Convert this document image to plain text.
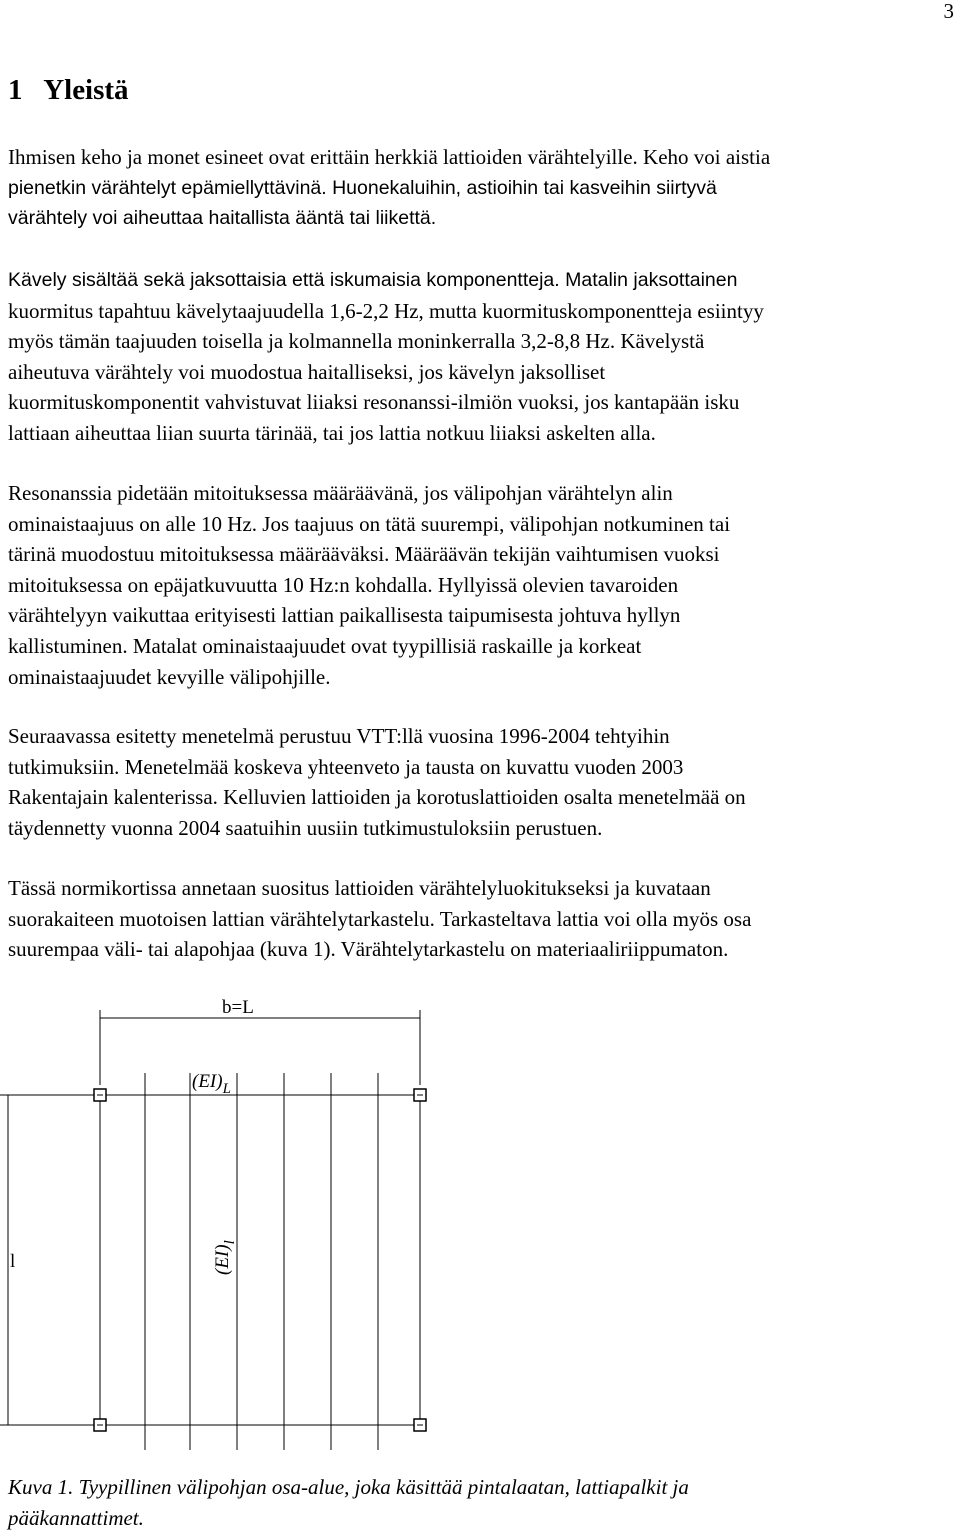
3
1 Yleistä
Ihmisen keho ja monet esineet ovat erittäin herkkiä lattioiden värähtelyille. Keho voi aistia
pienetkin värähtelyt epämiellyttävinä. Huonekaluihin, astioihin tai kasveihin siirtyvä
värähtely voi aiheuttaa haitallista ääntä tai liikettä.
Kävely sisältää sekä jaksottaisia että iskumaisia komponentteja. Matalin jaksottainen
kuormitus tapahtuu kävelytaajuudella 1,6-2,2 Hz, mutta kuormituskomponentteja esiintyy
myös tämän taajuuden toisella ja kolmannella moninkerralla 3,2-8,8 Hz. Kävelystä
aiheutuva värähtely voi muodostua haitalliseksi, jos kävelyn jaksolliset
kuormituskomponentit vahvistuvat liiaksi resonanssi-ilmiön vuoksi, jos kantapään isku
lattiaan aiheuttaa liian suurta tärinää, tai jos lattia notkuu liiaksi askelten alla.
Resonanssia pidetään mitoituksessa määräävänä, jos välipohjan värähtelyn alin
ominaistaajuus on alle 10 Hz. Jos taajuus on tätä suurempi, välipohjan notkuminen tai
tärinä muodostuu mitoituksessa määrääväksi. Määräävän tekijän vaihtumisen vuoksi
mitoituksessa on epäjatkuvuutta 10 Hz:n kohdalla. Hyllyissä olevien tavaroiden
värähtelyyn vaikuttaa erityisesti lattian paikallisesta taipumisesta johtuva hyllyn
kallistuminen. Matalat ominaistaajuudet ovat tyypillisiä raskaille ja korkeat
ominaistaajuudet kevyille välipohjille.
Seuraavassa esitetty menetelmä perustuu VTT:llä vuosina 1996-2004 tehtyihin
tutkimuksiin. Menetelmää koskeva yhteenveto ja tausta on kuvattu vuoden 2003
Rakentajain kalenterissa. Kelluvien lattioiden ja korotuslattioiden osalta menetelmää on
täydennetty vuonna 2004 saatuihin uusiin tutkimustuloksiin perustuen.
Tässä normikortissa annetaan suositus lattioiden värähtelyluokitukseksi ja kuvataan
suorakaiteen muotoisen lattian värähtelytarkastelu. Tarkasteltava lattia voi olla myös osa
suurempaa väli- tai alapohjaa (kuva 1). Värähtelytarkastelu on materiaaliriippumaton.
b=L
$(EI)_L$
l	$(EI)_l$
Kuva 1. Tyypillinen välipohjan osa-alue, joka käsittää pintalaatan, lattiapalkit ja
pääkannattimet.
